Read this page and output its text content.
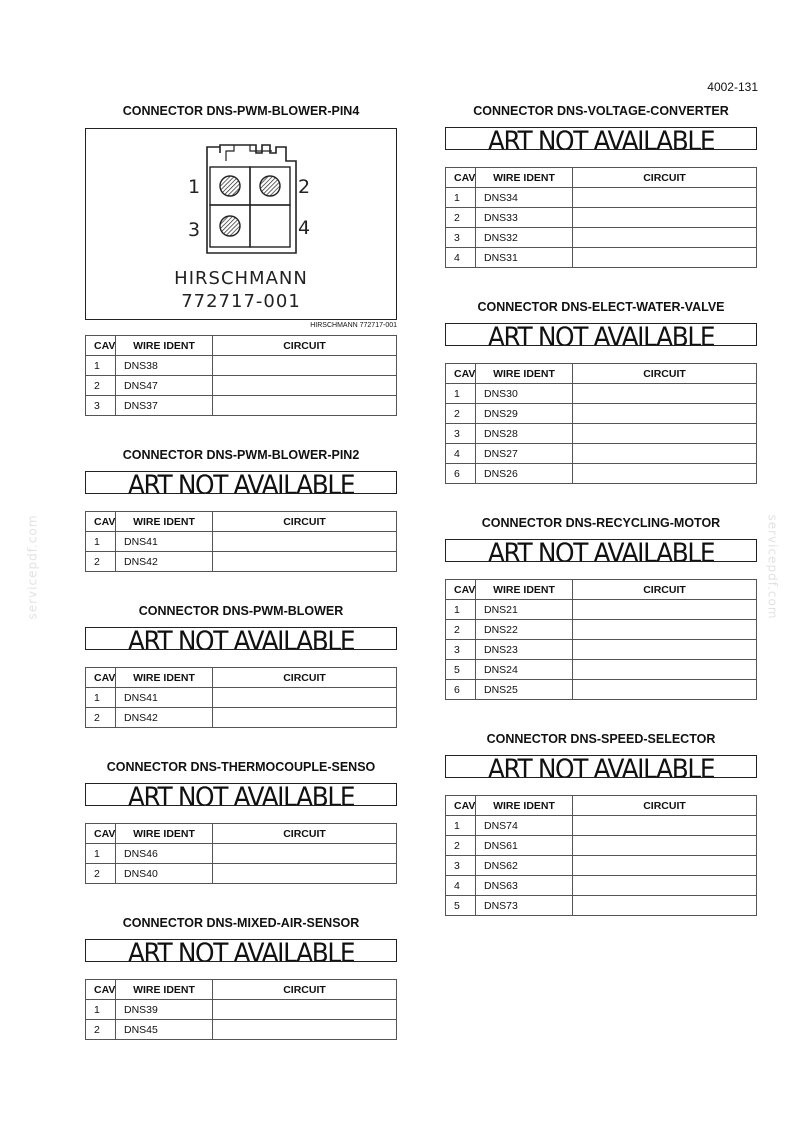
4002-131
servicepdf.com	servicepdf.com
CONNECTOR DNS-PWM-BLOWER-PIN4
1	2
3	4
HIRSCHMANN
772717-001
HIRSCHMANN 772717-001
CAV	WIRE IDENT	CIRCUIT
1	DNS38	
2	DNS47	
3	DNS37	
CONNECTOR DNS-PWM-BLOWER-PIN2
ART NOT AVAILABLE
CAV	WIRE IDENT	CIRCUIT
1	DNS41	
2	DNS42	
CONNECTOR DNS-PWM-BLOWER
ART NOT AVAILABLE
CAV	WIRE IDENT	CIRCUIT
1	DNS41	
2	DNS42	
CONNECTOR DNS-THERMOCOUPLE-SENSO
ART NOT AVAILABLE
CAV	WIRE IDENT	CIRCUIT
1	DNS46	
2	DNS40	
CONNECTOR DNS-MIXED-AIR-SENSOR
ART NOT AVAILABLE
CAV	WIRE IDENT	CIRCUIT
1	DNS39	
2	DNS45	
CONNECTOR DNS-VOLTAGE-CONVERTER
ART NOT AVAILABLE
CAV	WIRE IDENT	CIRCUIT
1	DNS34	
2	DNS33	
3	DNS32	
4	DNS31	
CONNECTOR DNS-ELECT-WATER-VALVE
ART NOT AVAILABLE
CAV	WIRE IDENT	CIRCUIT
1	DNS30	
2	DNS29	
3	DNS28	
4	DNS27	
6	DNS26	
CONNECTOR DNS-RECYCLING-MOTOR
ART NOT AVAILABLE
CAV	WIRE IDENT	CIRCUIT
1	DNS21	
2	DNS22	
3	DNS23	
5	DNS24	
6	DNS25	
CONNECTOR DNS-SPEED-SELECTOR
ART NOT AVAILABLE
CAV	WIRE IDENT	CIRCUIT
1	DNS74	
2	DNS61	
3	DNS62	
4	DNS63	
5	DNS73	
